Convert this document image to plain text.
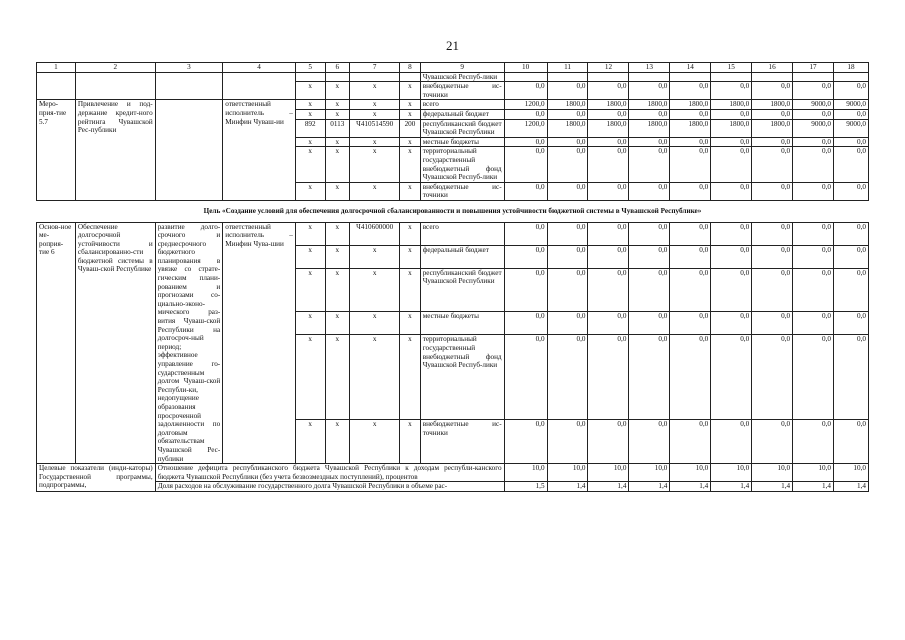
21
1	2	3	4	5	6	7	8	9	10	11	12	13	14	15	16	17	18
								Чувашской Респуб-лики									
				х	х	х	х	внебюджетные ис-точники	0,0	0,0	0,0	0,0	0,0	0,0	0,0	0,0	0,0
Меро-прия-тие 5.7	Привлечение и под-держание кредит-ного рейтинга Чувашской Рес-публики		ответственный исполнитель – Минфин Чуваш-ии	х	х	х	х	всего	1200,0	1800,0	1800,0	1800,0	1800,0	1800,0	1800,0	9000,0	9000,0
				х	х	х	х	федеральный бюджет	0,0	0,0	0,0	0,0	0,0	0,0	0,0	0,0	0,0
				892	0113	Ч410514590	200	республиканский бюджет Чувашской Республики	1200,0	1800,0	1800,0	1800,0	1800,0	1800,0	1800,0	9000,0	9000,0
				х	х	х	х	местные бюджеты	0,0	0,0	0,0	0,0	0,0	0,0	0,0	0,0	0,0
				х	х	х	х	территориальный государственный внебюджетный фонд Чувашской Респуб-лики	0,0	0,0	0,0	0,0	0,0	0,0	0,0	0,0	0,0
				х	х	х	х	внебюджетные ис-точники	0,0	0,0	0,0	0,0	0,0	0,0	0,0	0,0	0,0
Цель «Создание условий для обеспечения долгосрочной сбалансированности и повышения устойчивости бюджетной системы в Чувашской Республике»																	
Основ-ное ме-роприя-тие 6	Обеспечение долгосрочной устойчивости и сбалансированно-сти бюджетной системы в Чуваш-ской Республике	развитие долго-срочного и среднесрочного бюджетного планирования в увязке со страте-гическим плани-рованием и прогнозами со-циально-эконо-мического раз-вития Чуваш-ской Республики на долгосроч-ный период; эффективное управление го-сударственным долгом Чуваш-ской Республи-ки, недопущение образования просроченной задолженности по долговым обязательствам Чувашской Рес-публики	ответственный исполнитель – Минфин Чува-шии	х	х	Ч410600000	х	всего	0,0	0,0	0,0	0,0	0,0	0,0	0,0	0,0	0,0
				х	х	х	х	федеральный бюджет	0,0	0,0	0,0	0,0	0,0	0,0	0,0	0,0	0,0
				х	х	х	х	республиканский бюджет Чувашской Республики	0,0	0,0	0,0	0,0	0,0	0,0	0,0	0,0	0,0
				х	х	х	х	местные бюджеты	0,0	0,0	0,0	0,0	0,0	0,0	0,0	0,0	0,0
				х	х	х	х	территориальный государственный внебюджетный фонд Чувашской Респуб-лики	0,0	0,0	0,0	0,0	0,0	0,0	0,0	0,0	0,0
				х	х	х	х	внебюджетные ис-точники	0,0	0,0	0,0	0,0	0,0	0,0	0,0	0,0	0,0
Целевые показатели (инди-каторы) Государственной программы, подпрограммы,		Отношение дефицита республиканского бюджета Чувашской Республики к доходам республи-канского бюджета Чувашской Республики (без учета безвозмездных поступлений), процентов							10,0	10,0	10,0	10,0	10,0	10,0	10,0	10,0	10,0
		Доля расходов на обслуживание государственного долга Чувашской Республики в объеме рас-							1,5	1,4	1,4	1,4	1,4	1,4	1,4	1,4	1,4
